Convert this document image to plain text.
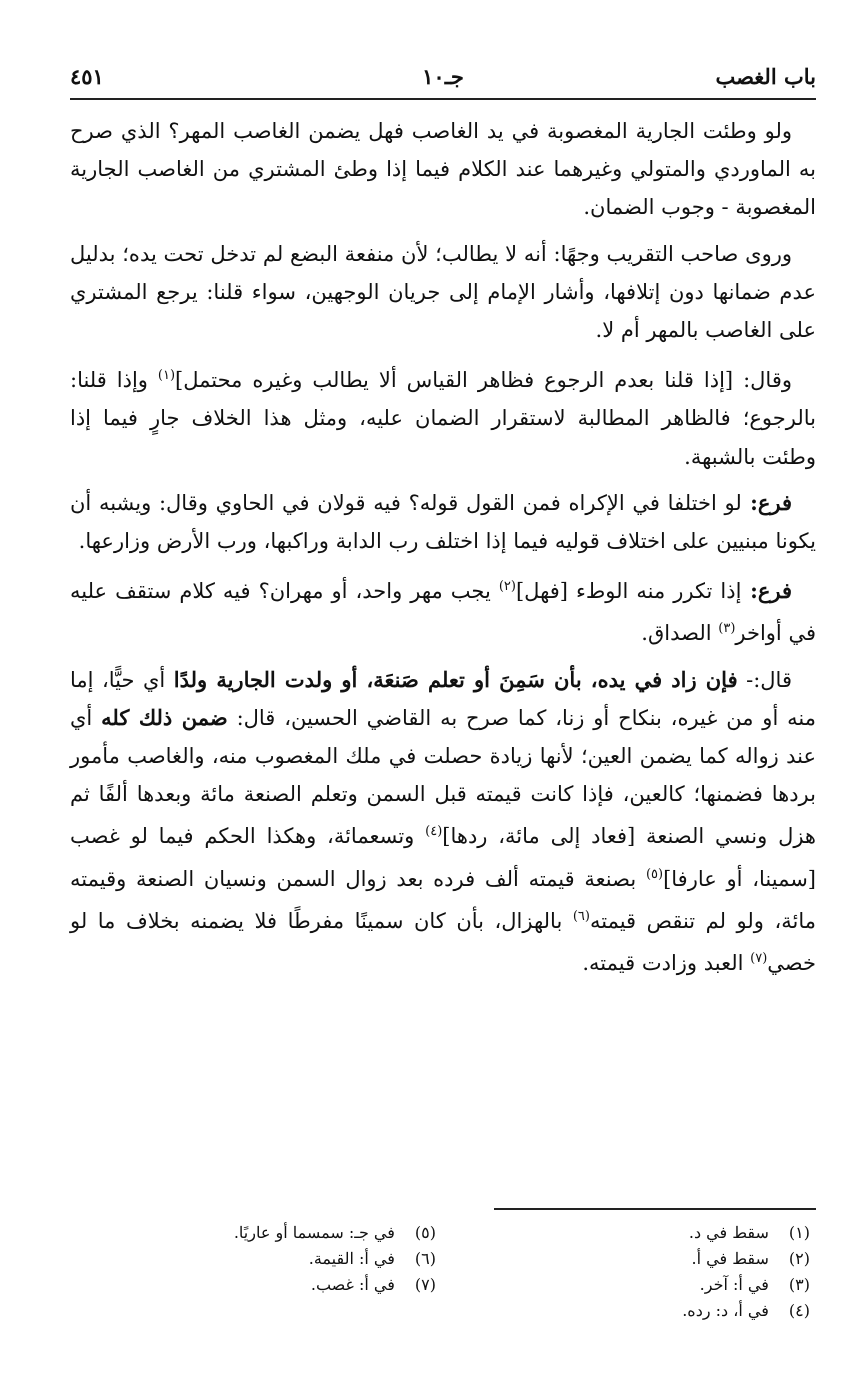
باب الغصب
جـ١٠
٤٥١

ولو وطئت الجارية المغصوبة في يد الغاصب فهل يضمن الغاصب المهر؟ الذي صرح به الماوردي والمتولي وغيرهما عند الكلام فيما إذا وطئ المشتري من الغاصب الجارية المغصوبة - وجوب الضمان.

وروى صاحب التقريب وجهًا: أنه لا يطالب؛ لأن منفعة البضع لم تدخل تحت يده؛ بدليل عدم ضمانها دون إتلافها، وأشار الإمام إلى جريان الوجهين، سواء قلنا: يرجع المشتري على الغاصب بالمهر أم لا.

وقال: [إذا قلنا بعدم الرجوع فظاهر القياس ألا يطالب وغيره محتمل]$^{(١)}$ وإذا قلنا: بالرجوع؛ فالظاهر المطالبة لاستقرار الضمان عليه، ومثل هذا الخلاف جارٍ فيما إذا وطئت بالشبهة.

فرع: لو اختلفا في الإكراه فمن القول قوله؟ فيه قولان في الحاوي وقال: ويشبه أن يكونا مبنيين على اختلاف قوليه فيما إذا اختلف رب الدابة وراكبها، ورب الأرض وزارعها.

فرع: إذا تكرر منه الوطء [فهل]$^{(٢)}$ يجب مهر واحد، أو مهران؟ فيه كلام ستقف عليه في أواخر$^{(٣)}$ الصداق.

قال:- فإن زاد في يده، بأن سَمِنَ أو تعلم صَنعَة، أو ولدت الجارية ولدًا أي حيًّا، إما منه أو من غيره، بنكاح أو زنا، كما صرح به القاضي الحسين، قال: ضمن ذلك كله أي عند زواله كما يضمن العين؛ لأنها زيادة حصلت في ملك المغصوب منه، والغاصب مأمور بردها فضمنها؛ كالعين، فإذا كانت قيمته قبل السمن وتعلم الصنعة مائة وبعدها ألفًا ثم هزل ونسي الصنعة [فعاد إلى مائة، ردها]$^{(٤)}$ وتسعمائة، وهكذا الحكم فيما لو غصب [سمينا، أو عارفا]$^{(٥)}$ بصنعة قيمته ألف فرده بعد زوال السمن ونسيان الصنعة وقيمته مائة، ولو لم تنقص قيمته$^{(٦)}$ بالهزال، بأن كان سمينًا مفرطًا فلا يضمنه بخلاف ما لو خصي$^{(٧)}$ العبد وزادت قيمته.

(١) سقط في د.
(٢) سقط في أ.
(٣) في أ: آخر.
(٤) في أ، د: رده.
(٥) في جـ: سمسما أو عاريًا.
(٦) في أ: القيمة.
(٧) في أ: غصب.
